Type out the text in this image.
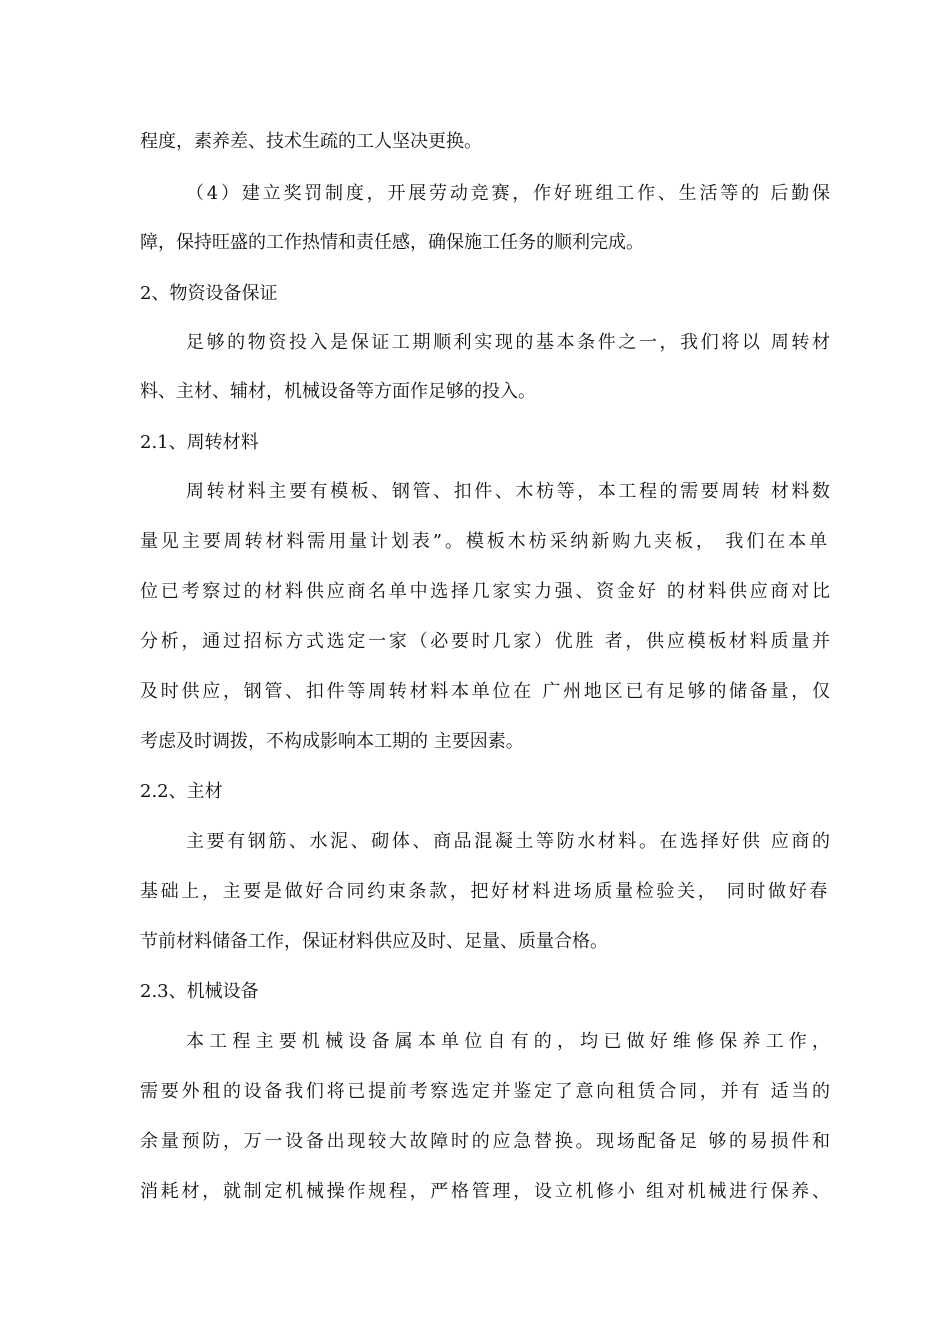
程度，素养差、技术生疏的工人坚决更换。
（4）建立奖罚制度，开展劳动竞赛，作好班组工作、生活等的 后勤保
障，保持旺盛的工作热情和责任感，确保施工任务的顺利完成。
2、物资设备保证
足够的物资投入是保证工期顺利实现的基本条件之一，我们将以 周转材
料、主材、辅材，机械设备等方面作足够的投入。
2.1、周转材料
周转材料主要有模板、钢管、扣件、木枋等，本工程的需要周转 材料数
量见主要周转材料需用量计划表”。模板木枋采纳新购九夹板， 我们在本单
位已考察过的材料供应商名单中选择几家实力强、资金好 的材料供应商对比
分析，通过招标方式选定一家（必要时几家）优胜 者，供应模板材料质量并
及时供应，钢管、扣件等周转材料本单位在 广州地区已有足够的储备量，仅
考虑及时调拨，不构成影响本工期的 主要因素。
2.2、主材
主要有钢筋、水泥、砌体、商品混凝土等防水材料。在选择好供 应商的
基础上，主要是做好合同约束条款，把好材料进场质量检验关， 同时做好春
节前材料储备工作，保证材料供应及时、足量、质量合格。
2.3、机械设备
本工程主要机械设备属本单位自有的，均已做好维修保养工作，
需要外租的设备我们将已提前考察选定并鉴定了意向租赁合同，并有 适当的
余量预防，万一设备出现较大故障时的应急替换。现场配备足 够的易损件和
消耗材，就制定机械操作规程，严格管理，设立机修小 组对机械进行保养、
